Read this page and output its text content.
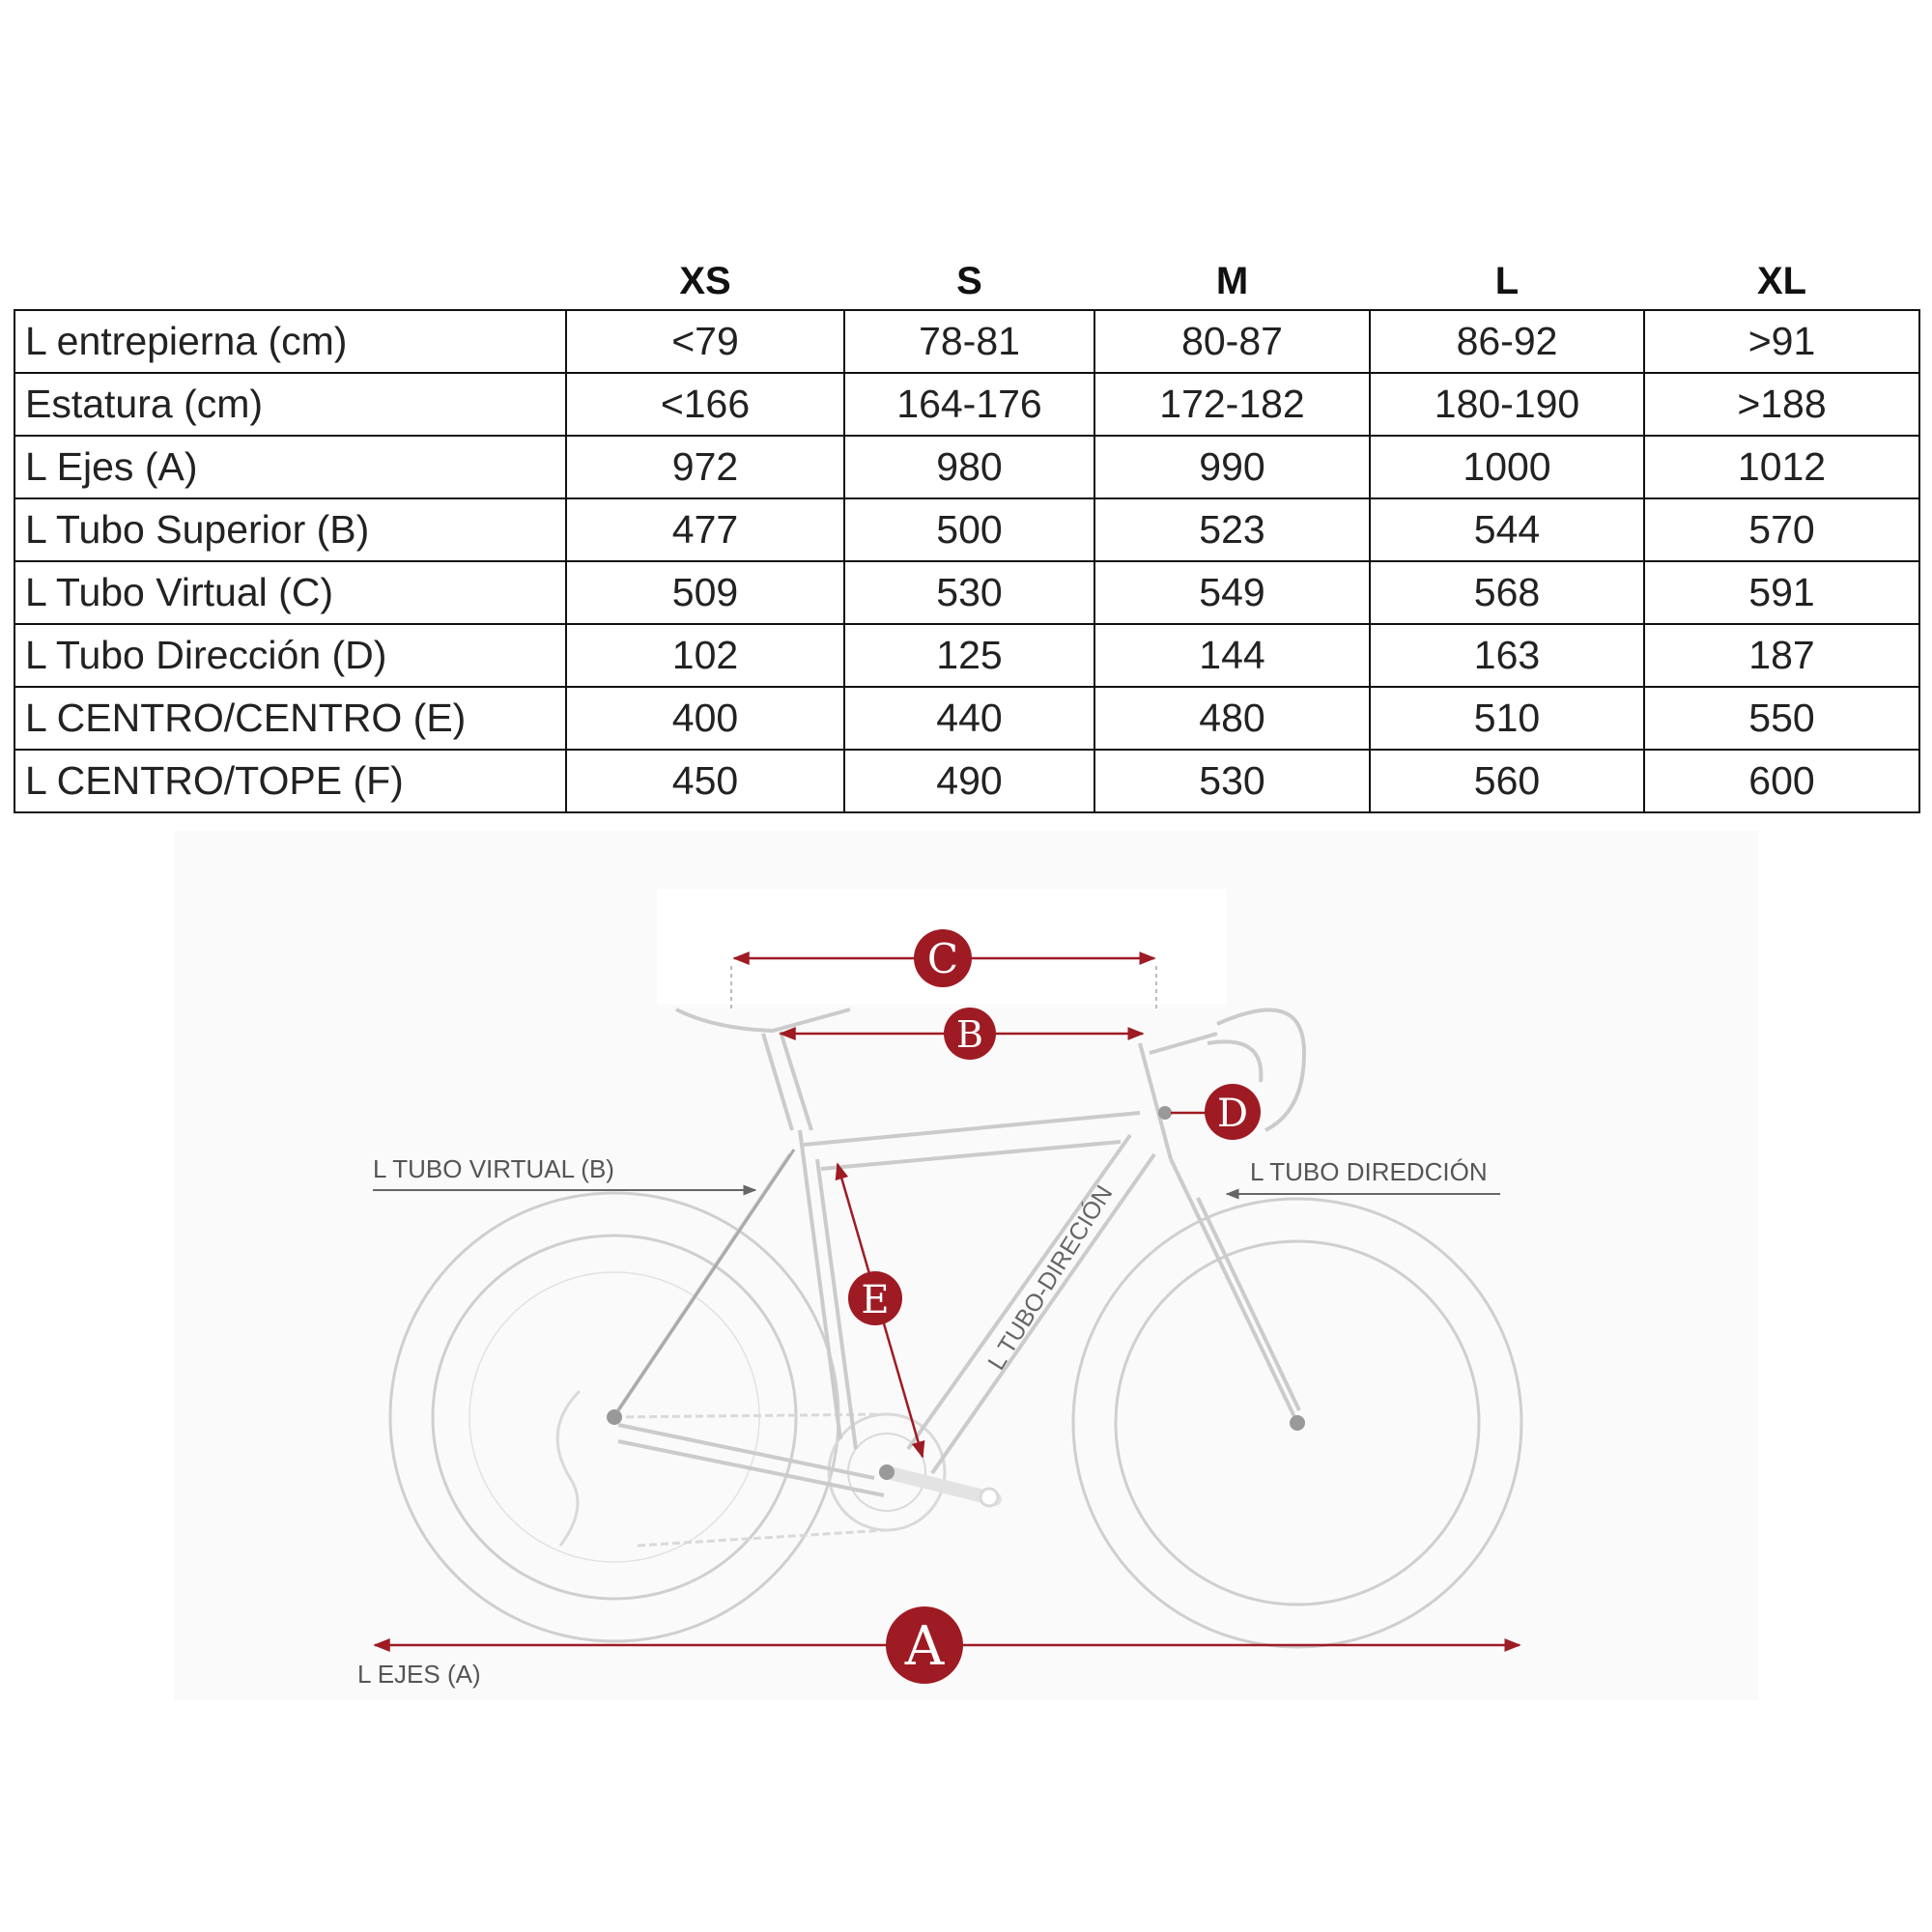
	XS	S	M	L	XL
L entrepierna (cm)	<79	78-81	80-87	86-92	>91
Estatura (cm)	<166	164-176	172-182	180-190	>188
L Ejes (A)	972	980	990	1000	1012
L Tubo Superior (B)	477	500	523	544	570
L Tubo Virtual (C)	509	530	549	568	591
L Tubo Dirección (D)	102	125	144	163	187
L CENTRO/CENTRO (E)	400	440	480	510	550
L CENTRO/TOPE (F)	450	490	530	560	600
C
B
D
E
A
L TUBO VIRTUAL (B)	L TUBO DIREDCIÓN
L TUBO-DIRECIÓN
L EJES (A)
